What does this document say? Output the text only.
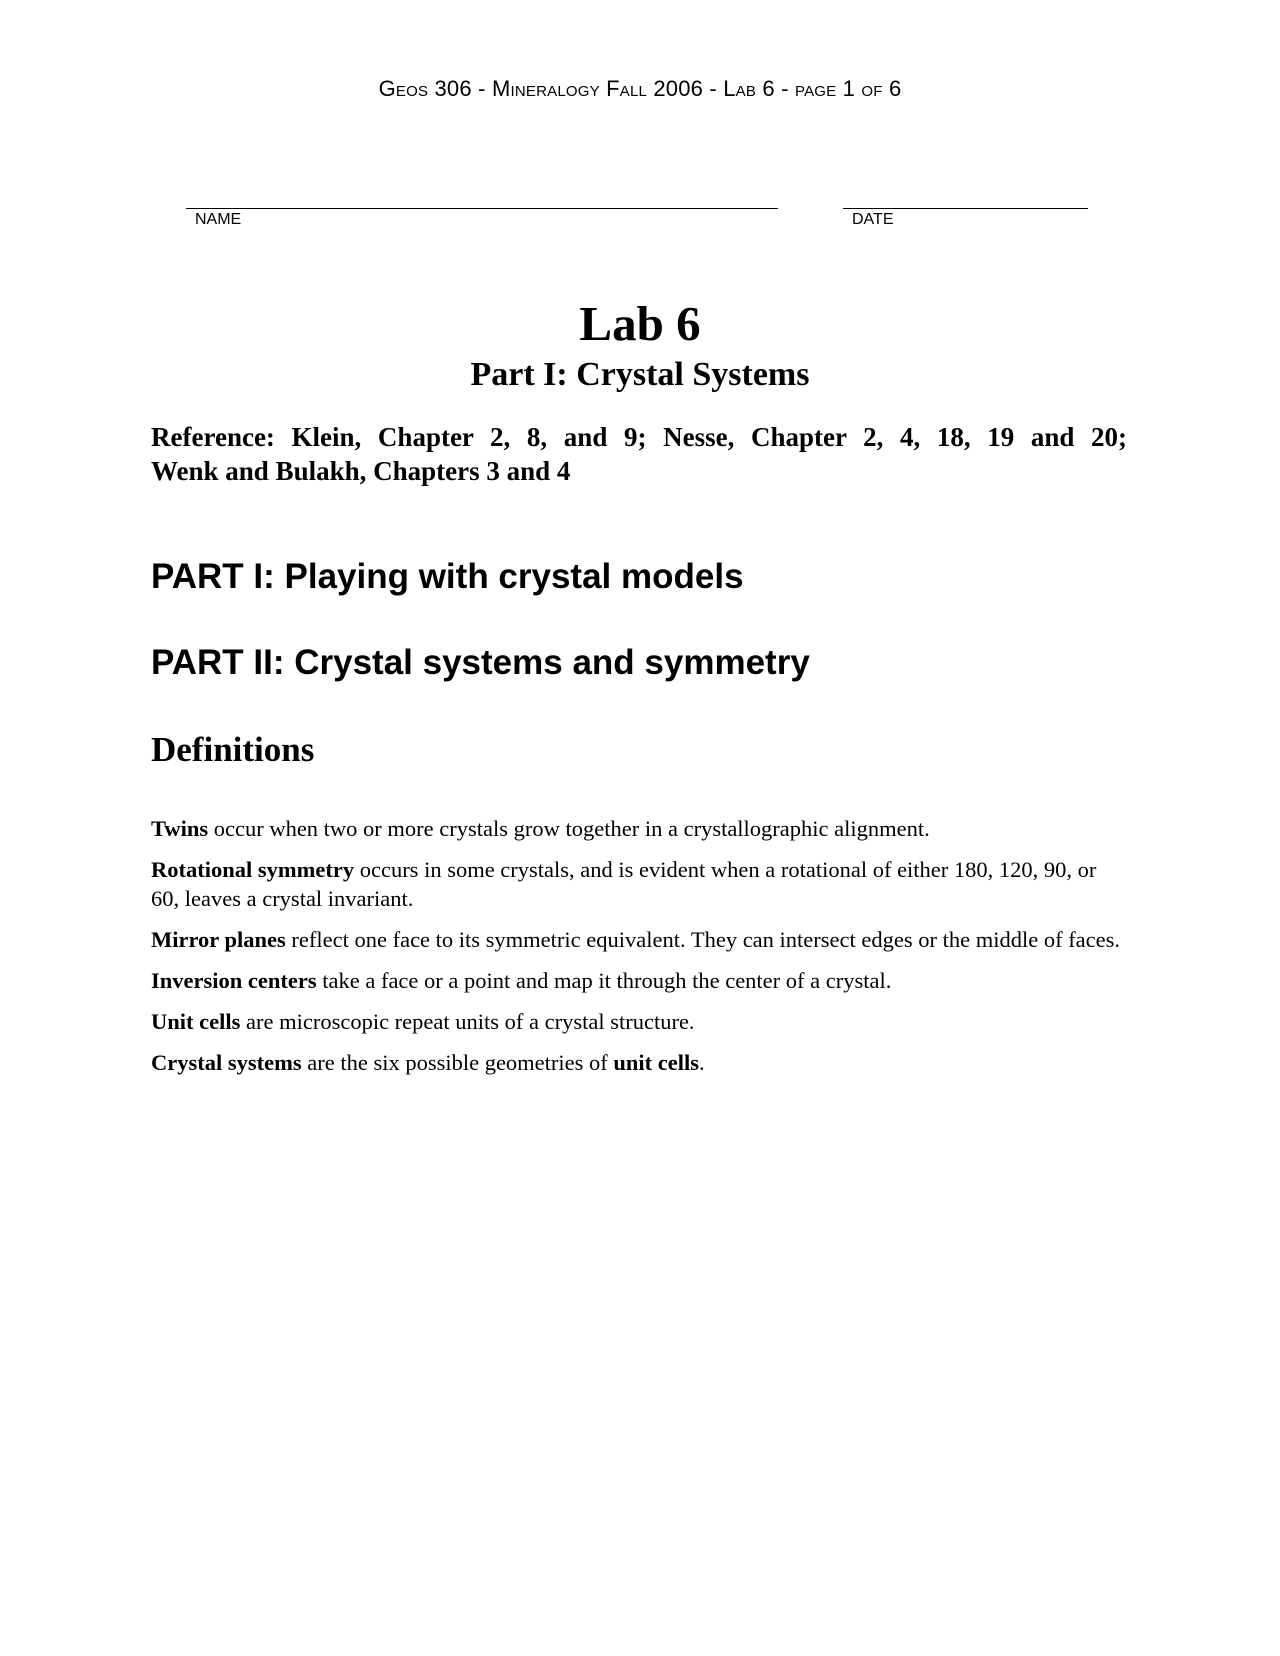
Geos 306 - Mineralogy Fall 2006 - Lab 6 - page 1 of 6
NAME	DATE
Lab 6
Part I: Crystal Systems
Reference: Klein, Chapter 2, 8, and 9; Nesse, Chapter 2, 4, 18, 19 and 20;
Wenk and Bulakh, Chapters 3 and 4
PART I: Playing with crystal models
PART II: Crystal systems and symmetry
Definitions

Twins occur when two or more crystals grow together in a crystallographic alignment.

Rotational symmetry occurs in some crystals, and is evident when a rotational of either 180, 120, 90, or 60, leaves a crystal invariant.

Mirror planes reflect one face to its symmetric equivalent. They can intersect edges or the middle of faces.

Inversion centers take a face or a point and map it through the center of a crystal.

Unit cells are microscopic repeat units of a crystal structure.

Crystal systems are the six possible geometries of unit cells.
